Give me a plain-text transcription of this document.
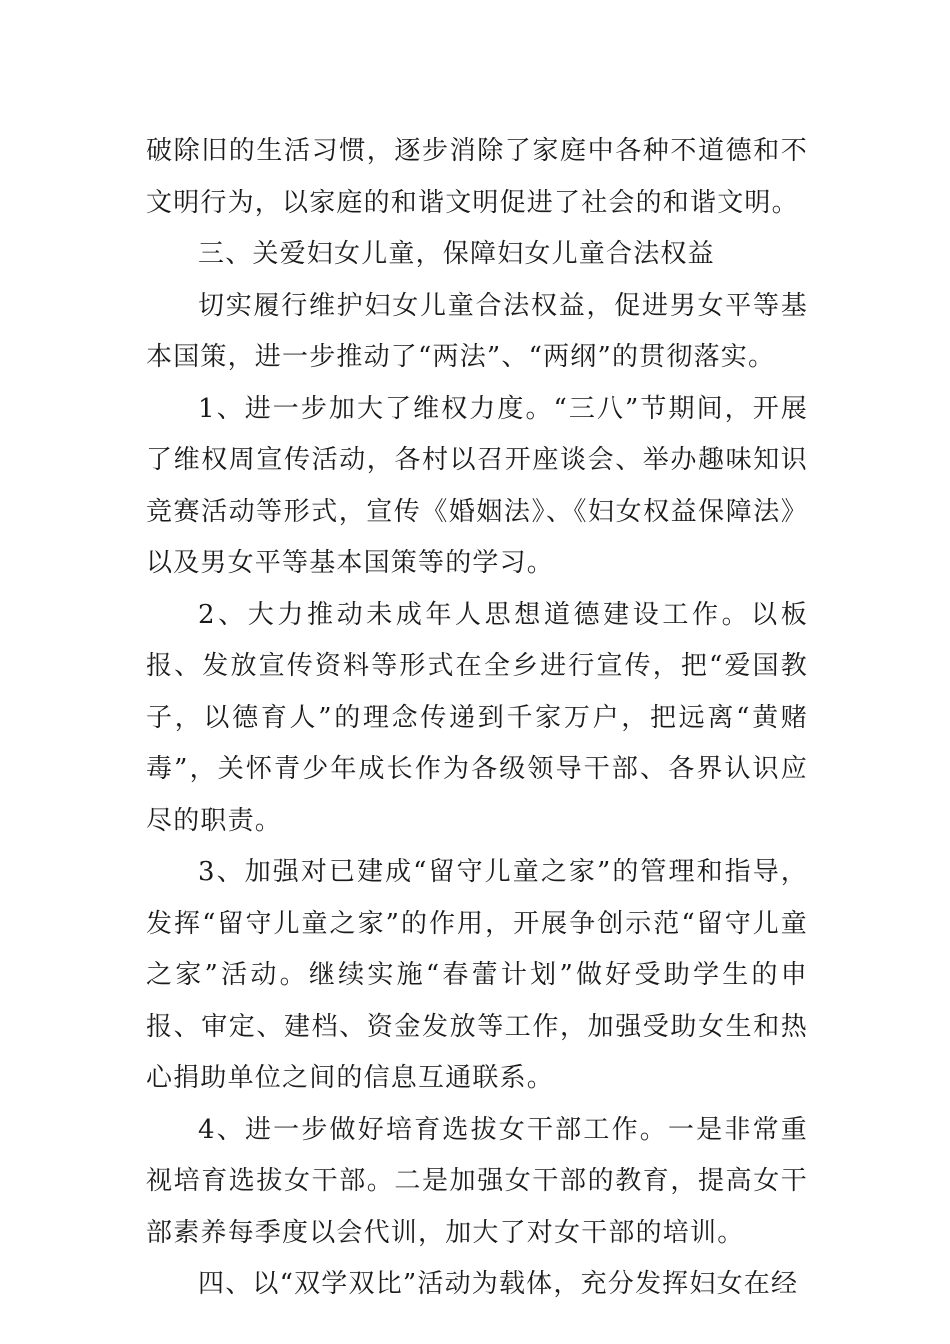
破除旧的生活习惯，逐步消除了家庭中各种不道德和不文明行为，以家庭的和谐文明促进了社会的和谐文明。

三、关爱妇女儿童，保障妇女儿童合法权益

切实履行维护妇女儿童合法权益，促进男女平等基本国策，进一步推动了“两法”、“两纲”的贯彻落实。

1、进一步加大了维权力度。“三八”节期间，开展了维权周宣传活动，各村以召开座谈会、举办趣味知识竞赛活动等形式，宣传《婚姻法》、《妇女权益保障法》以及男女平等基本国策等的学习。

2、大力推动未成年人思想道德建设工作。以板报、发放宣传资料等形式在全乡进行宣传，把“爱国教子，以德育人”的理念传递到千家万户，把远离“黄赌毒”，关怀青少年成长作为各级领导干部、各界认识应尽的职责。

3、加强对已建成“留守儿童之家”的管理和指导，发挥“留守儿童之家”的作用，开展争创示范“留守儿童之家”活动。继续实施“春蕾计划”做好受助学生的申报、审定、建档、资金发放等工作，加强受助女生和热心捐助单位之间的信息互通联系。

4、进一步做好培育选拔女干部工作。一是非常重视培育选拔女干部。二是加强女干部的教育，提高女干部素养每季度以会代训，加大了对女干部的培训。

四、以“双学双比”活动为载体，充分发挥妇女在经
